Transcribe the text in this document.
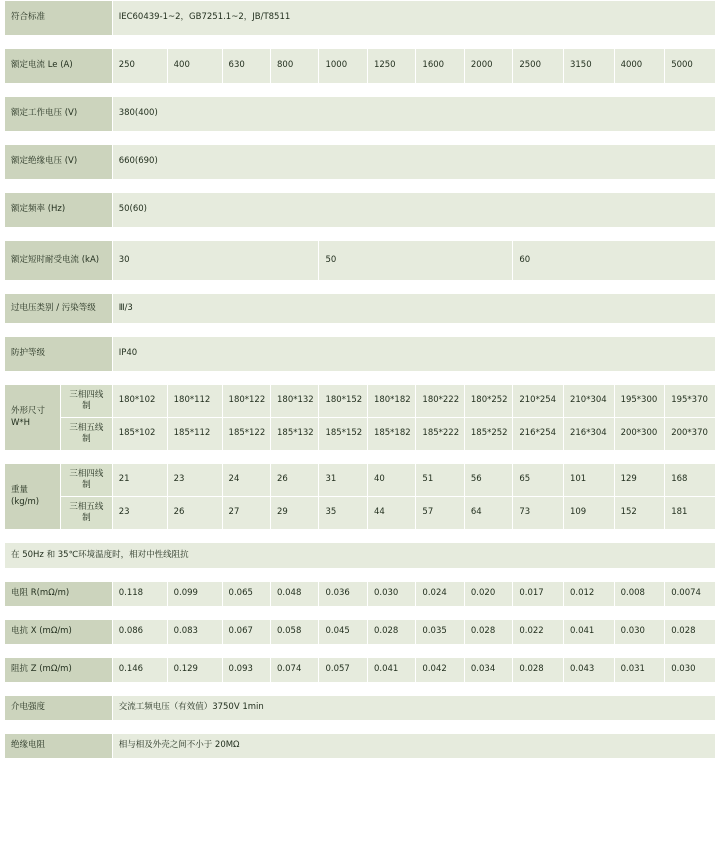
符合标准		IEC60439-1~2，GB7251.1~2，JB/T8511											

额定电流 Le (A)		250	400	630	800	1000	1250	1600	2000	2500	3150	4000	5000

额定工作电压 (V)		380(400)											

额定绝缘电压 (V)		660(690)											

额定频率 (Hz)		50(60)											

额定短时耐受电流 (kA)		30				50				60			

过电压类别 / 污染等级		Ⅲ/3											

防护等级		IP40											

外形尺寸 W*H	三相四线制	180*102	180*112	180*122	180*132	180*152	180*182	180*222	180*252	210*254	210*304	195*300	195*370
	三相五线制	185*102	185*112	185*122	185*132	185*152	185*182	185*222	185*252	216*254	216*304	200*300	200*370

重量 (kg/m)	三相四线制	21	23	24	26	31	40	51	56	65	101	129	168
	三相五线制	23	26	27	29	35	44	57	64	73	109	152	181

在 50Hz 和 35℃环境温度时，相对中性线阻抗													

电阻 R(mΩ/m)		0.118	0.099	0.065	0.048	0.036	0.030	0.024	0.020	0.017	0.012	0.008	0.0074

电抗 X (mΩ/m)		0.086	0.083	0.067	0.058	0.045	0.028	0.035	0.028	0.022	0.041	0.030	0.028

阻抗 Z (mΩ/m)		0.146	0.129	0.093	0.074	0.057	0.041	0.042	0.034	0.028	0.043	0.031	0.030

介电强度		交流工频电压（有效值）3750V 1min											

绝缘电阻		相与相及外壳之间不小于 20MΩ											
